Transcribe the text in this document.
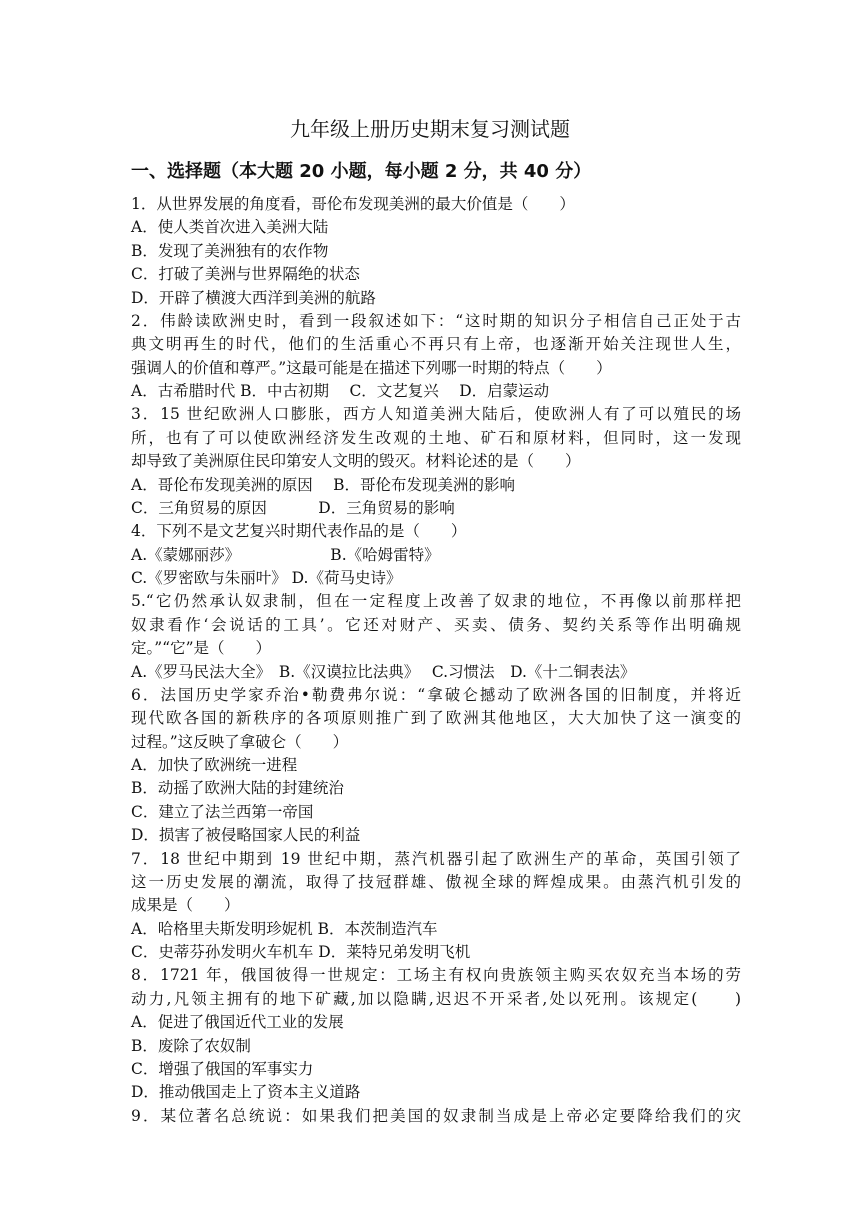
九年级上册历史期末复习测试题
一、选择题（本大题 20 小题，每小题 2 分，共 40 分）
1．从世界发展的角度看，哥伦布发现美洲的最大价值是（　　）
A．使人类首次进入美洲大陆
B．发现了美洲独有的农作物
C．打破了美洲与世界隔绝的状态
D．开辟了横渡大西洋到美洲的航路
2．伟龄读欧洲史时，看到一段叙述如下：“这时期的知识分子相信自己正处于古
典文明再生的时代，他们的生活重心不再只有上帝，也逐渐开始关注现世人生，
强调人的价值和尊严。”这最可能是在描述下列哪一时期的特点（　　）
A．古希腊时代 B．中古初期　 C．文艺复兴　 D．启蒙运动
3．15 世纪欧洲人口膨胀，西方人知道美洲大陆后，使欧洲人有了可以殖民的场
所，也有了可以使欧洲经济发生改观的土地、矿石和原材料，但同时，这一发现
却导致了美洲原住民印第安人文明的毁灭。材料论述的是（　　）
A．哥伦布发现美洲的原因　 B．哥伦布发现美洲的影响
C．三角贸易的原因　　　 D．三角贸易的影响
4．下列不是文艺复兴时期代表作品的是（　　）
A.《蒙娜丽莎》　　　　　　 B.《哈姆雷特》
C.《罗密欧与朱丽叶》 D.《荷马史诗》
5.“它仍然承认奴隶制，但在一定程度上改善了奴隶的地位，不再像以前那样把
奴隶看作‘会说话的工具’。它还对财产、买卖、债务、契约关系等作出明确规
定。”“它”是（　　）
A.《罗马民法大全》　B.《汉谟拉比法典》　 C.习惯法　D.《十二铜表法》
6．法国历史学家乔治•勒费弗尔说：“拿破仑撼动了欧洲各国的旧制度，并将近
现代欧各国的新秩序的各项原则推广到了欧洲其他地区，大大加快了这一演变的
过程。”这反映了拿破仑（　　）
A．加快了欧洲统一进程
B．动摇了欧洲大陆的封建统治
C．建立了法兰西第一帝国
D．损害了被侵略国家人民的利益
7．18 世纪中期到 19 世纪中期，蒸汽机器引起了欧洲生产的革命，英国引领了
这一历史发展的潮流，取得了技冠群雄、傲视全球的辉煌成果。由蒸汽机引发的
成果是（　　）
A．哈格里夫斯发明珍妮机 B．本茨制造汽车
C．史蒂芬孙发明火车机车 D．莱特兄弟发明飞机
8．1721 年，俄国彼得一世规定：工场主有权向贵族领主购买农奴充当本场的劳
动力,凡领主拥有的地下矿藏,加以隐瞒,迟迟不开采者,处以死刑。该规定(　　)
A．促进了俄国近代工业的发展
B．废除了农奴制
C．增强了俄国的军事实力
D．推动俄国走上了资本主义道路
9．某位著名总统说：如果我们把美国的奴隶制当成是上帝必定要降给我们的灾
